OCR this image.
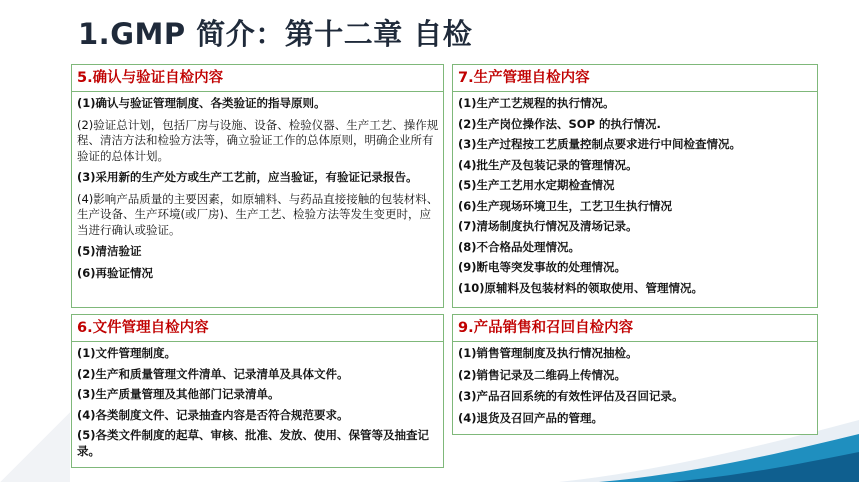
1.GMP 简介：第十二章 自检
5.确认与验证自检内容
(1)确认与验证管理制度、各类验证的指导原则。
(2)验证总计划，包括厂房与设施、设备、检验仪器、生产工艺、操作规程、清洁方法和检验方法等，确立验证工作的总体原则，明确企业所有验证的总体计划。
(3)采用新的生产处方或生产工艺前，应当验证，有验证记录报告。
(4)影响产品质量的主要因素，如原辅料、与药品直接接触的包装材料、生产设备、生产环境(或厂房)、生产工艺、检验方法等发生变更时，应当进行确认或验证。
(5)清洁验证
(6)再验证情况
7.生产管理自检内容
(1)生产工艺规程的执行情况。
(2)生产岗位操作法、SOP 的执行情况.
(3)生产过程按工艺质量控制点要求进行中间检查情况。
(4)批生产及包装记录的管理情况。
(5)生产工艺用水定期检查情况
(6)生产现场环境卫生，工艺卫生执行情况
(7)清场制度执行情况及清场记录。
(8)不合格品处理情况。
(9)断电等突发事故的处理情况。
(10)原辅料及包装材料的领取使用、管理情况。
6.文件管理自检内容
(1)文件管理制度。
(2)生产和质量管理文件清单、记录清单及具体文件。
(3)生产质量管理及其他部门记录清单。
(4)各类制度文件、记录抽查内容是否符合规范要求。
(5)各类文件制度的起草、审核、批准、发放、使用、保管等及抽查记录。
9.产品销售和召回自检内容
(1)销售管理制度及执行情况抽检。
(2)销售记录及二维码上传情况。
(3)产品召回系统的有效性评估及召回记录。
(4)退货及召回产品的管理。
